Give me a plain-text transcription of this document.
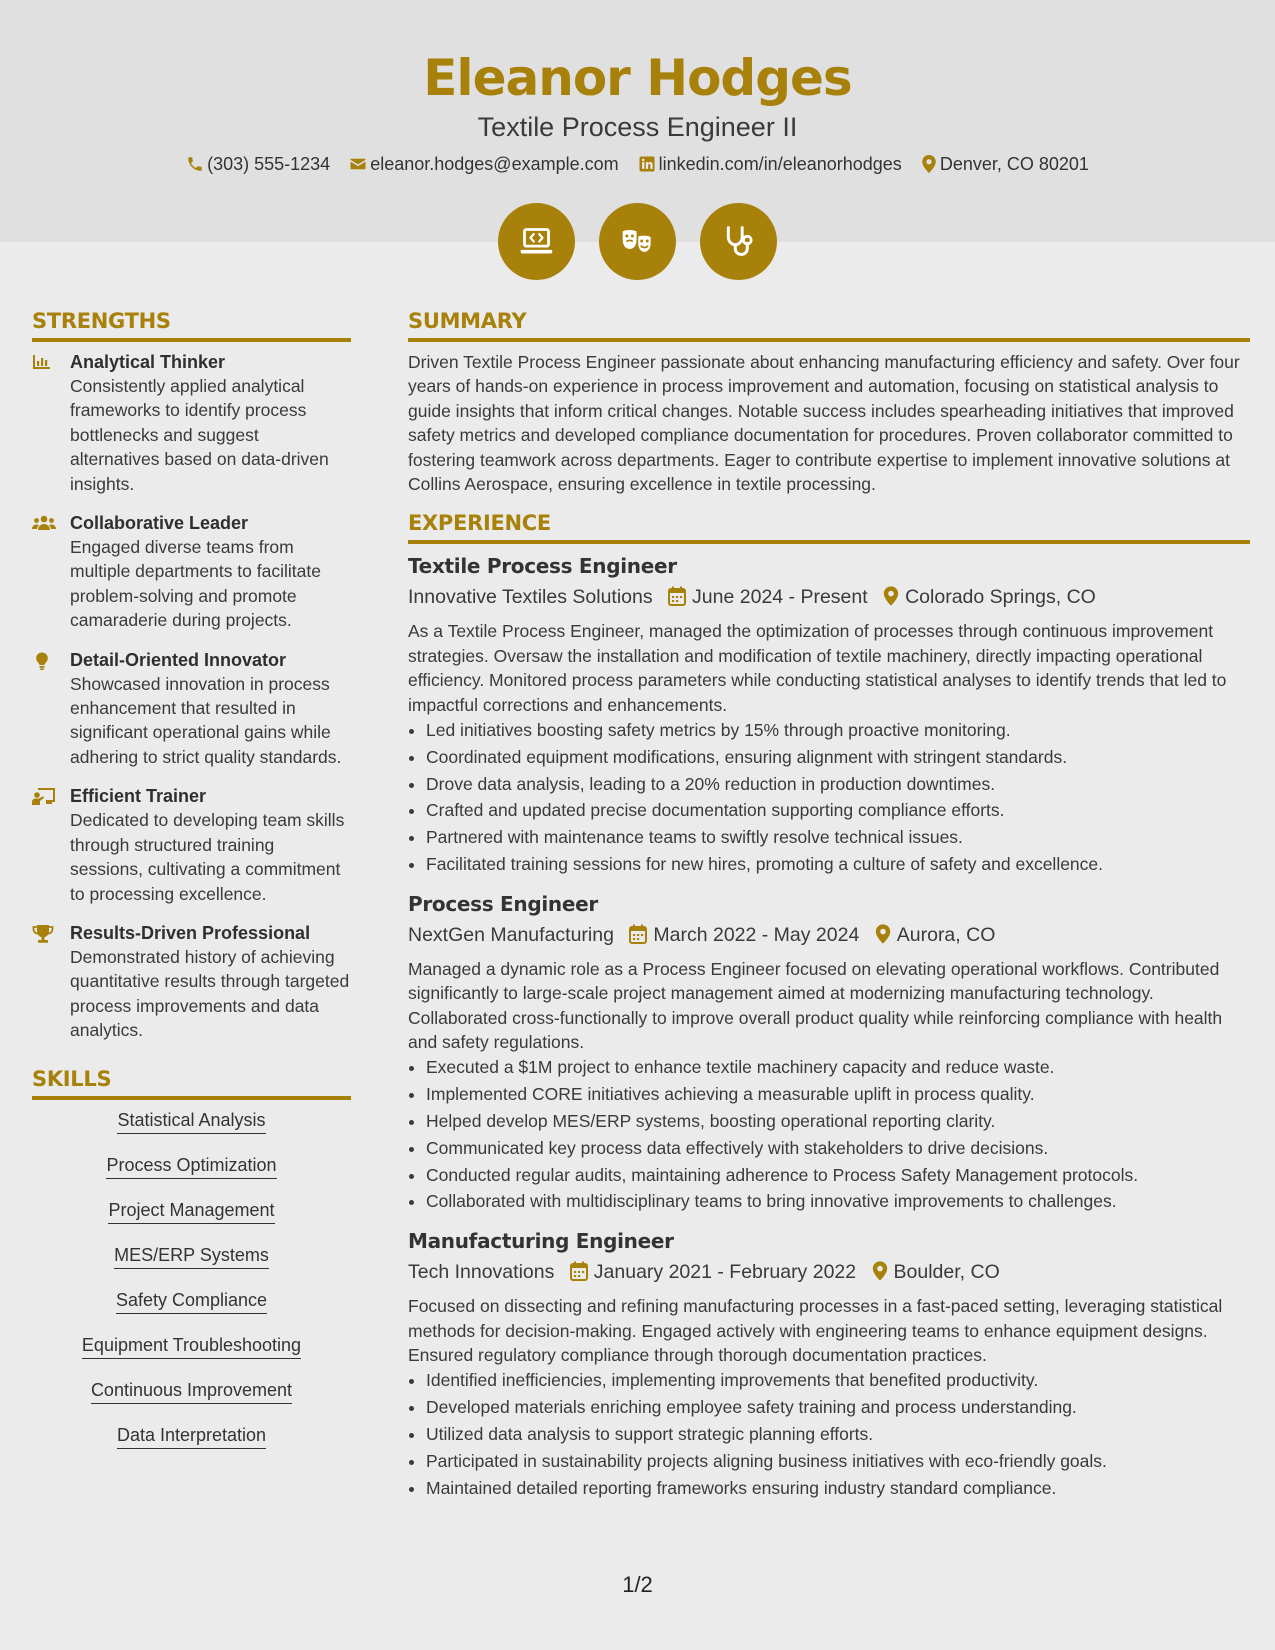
Eleanor Hodges
Textile Process Engineer II
(303) 555-1234 eleanor.hodges@example.com linkedin.com/in/eleanorhodges Denver, CO 80201

STRENGTHS
Analytical Thinker
Consistently applied analytical frameworks to identify process bottlenecks and suggest alternatives based on data-driven insights.
Collaborative Leader
Engaged diverse teams from multiple departments to facilitate problem-solving and promote camaraderie during projects.
Detail-Oriented Innovator
Showcased innovation in process enhancement that resulted in significant operational gains while adhering to strict quality standards.
Efficient Trainer
Dedicated to developing team skills through structured training sessions, cultivating a commitment to processing excellence.
Results-Driven Professional
Demonstrated history of achieving quantitative results through targeted process improvements and data analytics.
SKILLS
Statistical Analysis
Process Optimization
Project Management
MES/ERP Systems
Safety Compliance
Equipment Troubleshooting
Continuous Improvement
Data Interpretation
SUMMARY
Driven Textile Process Engineer passionate about enhancing manufacturing efficiency and safety. Over four years of hands-on experience in process improvement and automation, focusing on statistical analysis to guide insights that inform critical changes. Notable success includes spearheading initiatives that improved safety metrics and developed compliance documentation for procedures. Proven collaborator committed to fostering teamwork across departments. Eager to contribute expertise to implement innovative solutions at Collins Aerospace, ensuring excellence in textile processing.
EXPERIENCE
Textile Process Engineer
Innovative Textiles Solutions June 2024 - Present Colorado Springs, CO
As a Textile Process Engineer, managed the optimization of processes through continuous improvement strategies. Oversaw the installation and modification of textile machinery, directly impacting operational efficiency. Monitored process parameters while conducting statistical analyses to identify trends that led to impactful corrections and enhancements.
• Led initiatives boosting safety metrics by 15% through proactive monitoring.
• Coordinated equipment modifications, ensuring alignment with stringent standards.
• Drove data analysis, leading to a 20% reduction in production downtimes.
• Crafted and updated precise documentation supporting compliance efforts.
• Partnered with maintenance teams to swiftly resolve technical issues.
• Facilitated training sessions for new hires, promoting a culture of safety and excellence.
Process Engineer
NextGen Manufacturing March 2022 - May 2024 Aurora, CO
Managed a dynamic role as a Process Engineer focused on elevating operational workflows. Contributed significantly to large-scale project management aimed at modernizing manufacturing technology. Collaborated cross-functionally to improve overall product quality while reinforcing compliance with health and safety regulations.
• Executed a $1M project to enhance textile machinery capacity and reduce waste.
• Implemented CORE initiatives achieving a measurable uplift in process quality.
• Helped develop MES/ERP systems, boosting operational reporting clarity.
• Communicated key process data effectively with stakeholders to drive decisions.
• Conducted regular audits, maintaining adherence to Process Safety Management protocols.
• Collaborated with multidisciplinary teams to bring innovative improvements to challenges.
Manufacturing Engineer
Tech Innovations January 2021 - February 2022 Boulder, CO
Focused on dissecting and refining manufacturing processes in a fast-paced setting, leveraging statistical methods for decision-making. Engaged actively with engineering teams to enhance equipment designs. Ensured regulatory compliance through thorough documentation practices.
• Identified inefficiencies, implementing improvements that benefited productivity.
• Developed materials enriching employee safety training and process understanding.
• Utilized data analysis to support strategic planning efforts.
• Participated in sustainability projects aligning business initiatives with eco-friendly goals.
• Maintained detailed reporting frameworks ensuring industry standard compliance.
1/2
